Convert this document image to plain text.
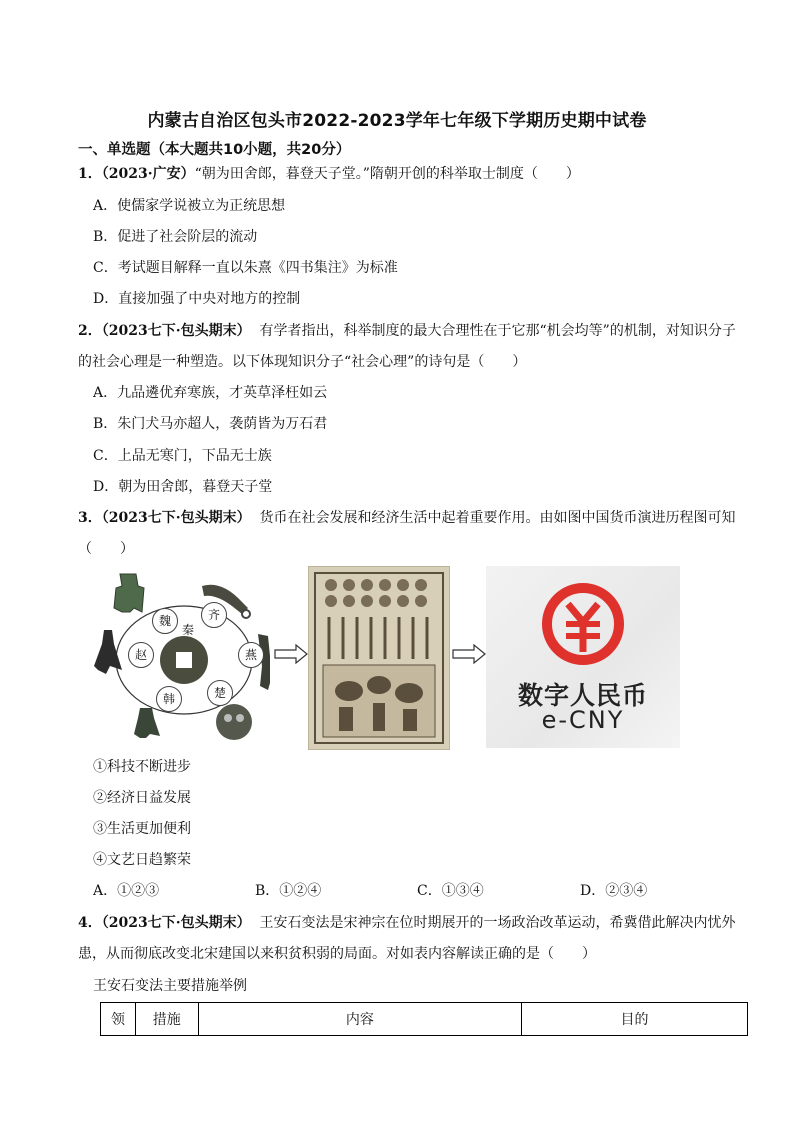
内蒙古自治区包头市2022-2023学年七年级下学期历史期中试卷
一、单选题（本大题共10小题，共20分）
1．（2023·广安）“朝为田舍郎，暮登天子堂。”隋朝开创的科举取士制度（　　）
A．使儒家学说被立为正统思想
B．促进了社会阶层的流动
C．考试题目解释一直以朱熹《四书集注》为标准
D．直接加强了中央对地方的控制
2．（2023七下·包头期末） 有学者指出，科举制度的最大合理性在于它那“机会均等”的机制，对知识分子
的社会心理是一种塑造。以下体现知识分子“社会心理”的诗句是（　　）
A．九品遴优弃寒族，才英草泽枉如云
B．朱门犬马亦超人，袭荫皆为万石君
C．上品无寒门，下品无士族
D．朝为田舍郎，暮登天子堂
3．（2023七下·包头期末） 货币在社会发展和经济生活中起着重要作用。由如图中国货币演进历程图可知
（　　）
齐
燕
楚
韩
赵
魏
秦
数字人民币
e-CNY
①科技不断进步
②经济日益发展
③生活更加便利
④文艺日趋繁荣
A．①②③	B．①②④	C．①③④	D．②③④
4．（2023七下·包头期末） 王安石变法是宋神宗在位时期展开的一场政治改革运动，希冀借此解决内忧外
患，从而彻底改变北宋建国以来积贫积弱的局面。对如表内容解读正确的是（　　）
王安石变法主要措施举例
领	措施	内容	目的
